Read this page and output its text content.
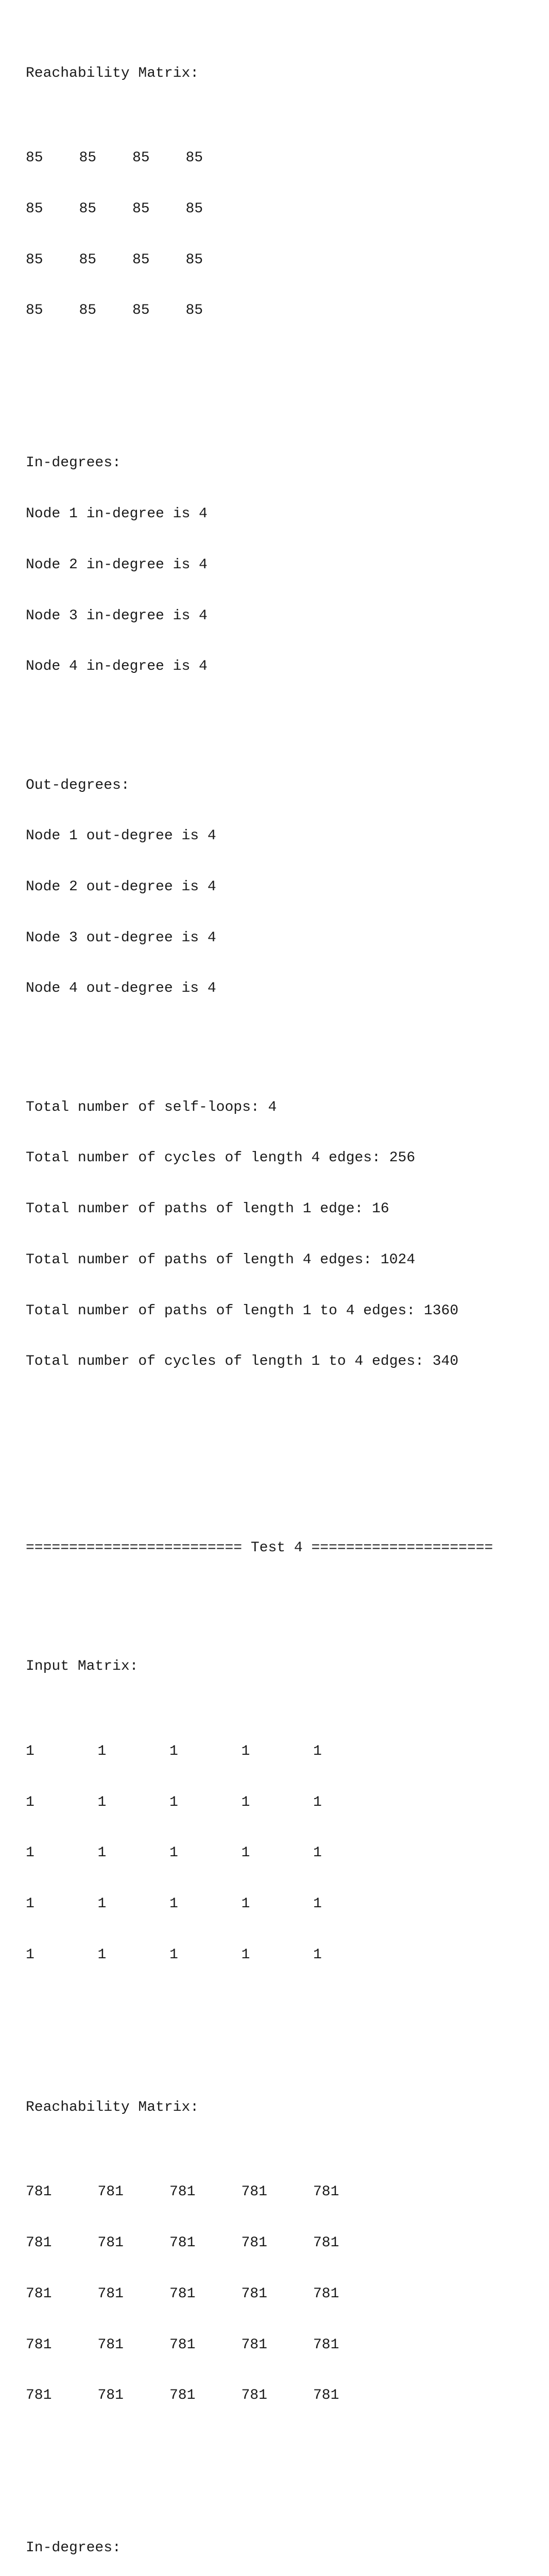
Reachability Matrix:

85	85	85	85

85	85	85	85

85	85	85	85

85	85	85	85

In-degrees:

Node 1 in-degree is 4

Node 2 in-degree is 4

Node 3 in-degree is 4

Node 4 in-degree is 4

Out-degrees:

Node 1 out-degree is 4

Node 2 out-degree is 4

Node 3 out-degree is 4

Node 4 out-degree is 4

Total number of self-loops: 4

Total number of cycles of length 4 edges: 256

Total number of paths of length 1 edge: 16

Total number of paths of length 4 edges: 1024

Total number of paths of length 1 to 4 edges: 1360

Total number of cycles of length 1 to 4 edges: 340

========================= Test 4 =====================

Input Matrix:

1	1	1	1	1

1	1	1	1	1

1	1	1	1	1

1	1	1	1	1

1	1	1	1	1

Reachability Matrix:

781	781	781	781	781

781	781	781	781	781

781	781	781	781	781

781	781	781	781	781

781	781	781	781	781

In-degrees:
